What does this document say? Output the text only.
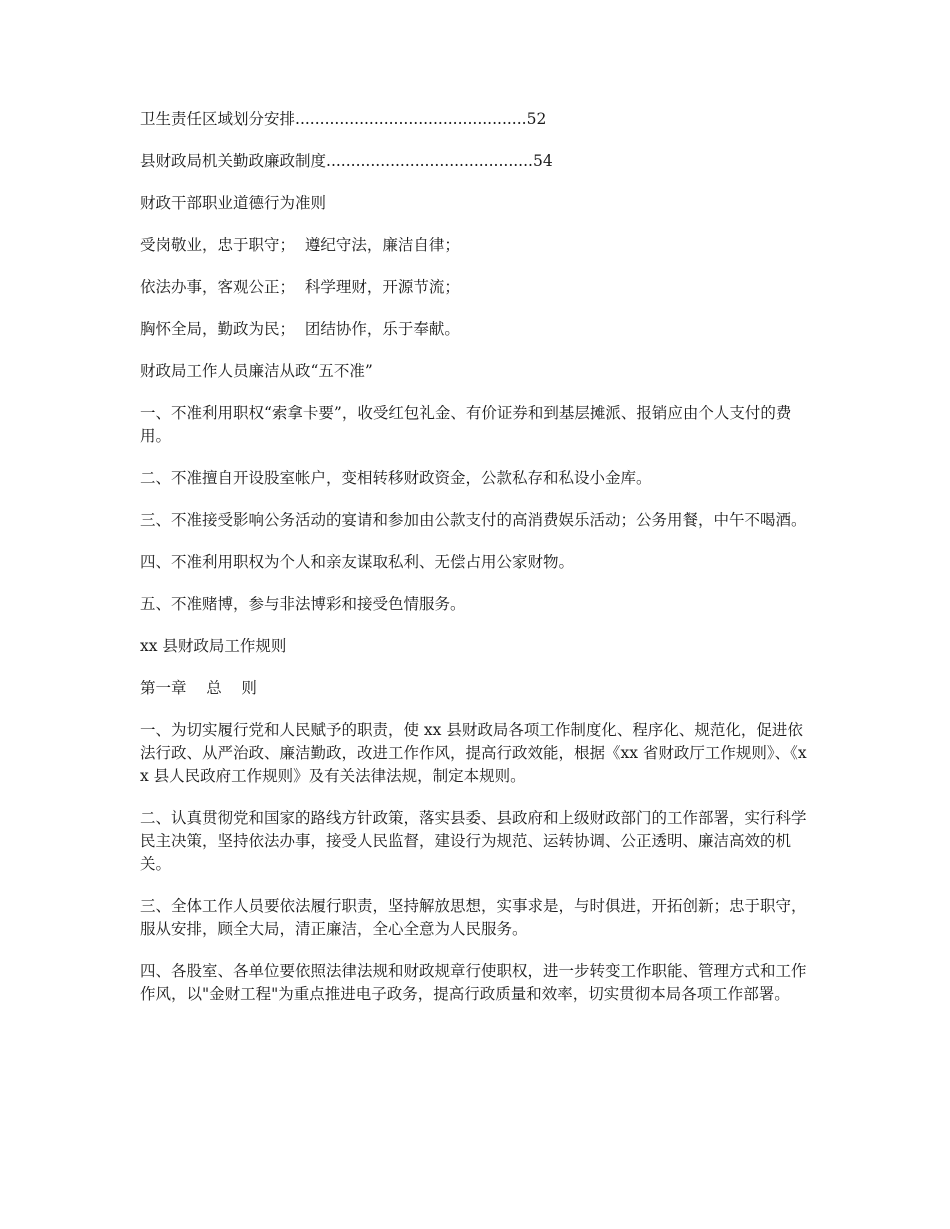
卫生责任区域划分安排...............................................52

县财政局机关勤政廉政制度..........................................54

财政干部职业道德行为准则

受岗敬业，忠于职守；  遵纪守法，廉洁自律；

依法办事，客观公正；  科学理财，开源节流；

胸怀全局，勤政为民；  团结协作，乐于奉献。

财政局工作人员廉洁从政“五不准”

一、不准利用职权“索拿卡要”，收受红包礼金、有价证券和到基层摊派、报销应由个人支付的费用。

二、不准擅自开设股室帐户，变相转移财政资金，公款私存和私设小金库。

三、不准接受影响公务活动的宴请和参加由公款支付的高消费娱乐活动；公务用餐，中午不喝酒。

四、不准利用职权为个人和亲友谋取私利、无偿占用公家财物。

五、不准赌博，参与非法博彩和接受色情服务。

xx 县财政局工作规则

第一章    总    则

一、为切实履行党和人民赋予的职责，使 xx 县财政局各项工作制度化、程序化、规范化，促进依法行政、从严治政、廉洁勤政，改进工作作风，提高行政效能，根据《xx 省财政厅工作规则》、《xx 县人民政府工作规则》及有关法律法规，制定本规则。

二、认真贯彻党和国家的路线方针政策，落实县委、县政府和上级财政部门的工作部署，实行科学民主决策，坚持依法办事，接受人民监督，建设行为规范、运转协调、公正透明、廉洁高效的机关。

三、全体工作人员要依法履行职责，坚持解放思想，实事求是，与时俱进，开拓创新；忠于职守，服从安排，顾全大局，清正廉洁，全心全意为人民服务。

四、各股室、各单位要依照法律法规和财政规章行使职权，进一步转变工作职能、管理方式和工作作风，以"金财工程"为重点推进电子政务，提高行政质量和效率，切实贯彻本局各项工作部署。
